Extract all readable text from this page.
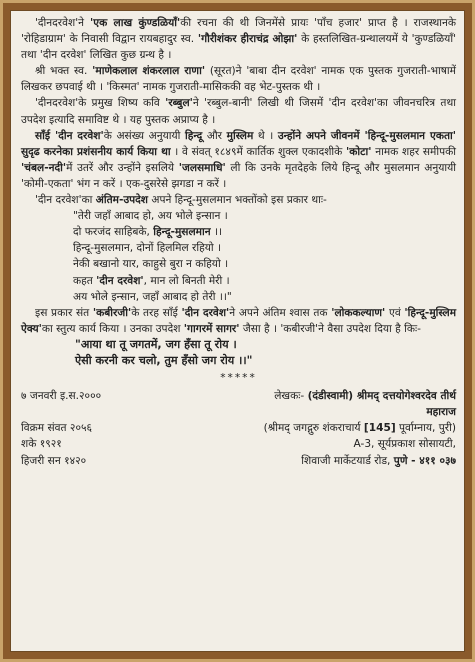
'दीनदरवेश'ने 'एक लाख कुंण्डळियॉं'की रचना की थी जिनमेंसे प्रायः 'पॉंच हजार' प्राप्त है । राजस्थानके 'रोहिडाग्राम' के निवासी विद्वान रायबहादुर स्व. 'गौरीशंकर हीराचंद्र ओझा' के हस्तलिखित-ग्रन्थालयमें ये 'कुण्डळियॉं' तथा 'दीन दरवेश' लिखित कुछ ग्रन्थ है ।

श्री भक्त स्व. 'माणेकलाल शंकरलाल राणा' (सूरत)ने 'बाबा दीन दरवेश' नामक एक पुस्तक गुजराती-भाषामें लिखकर छपवाई थी । 'किस्मत' नामक गुजराती-मासिककी वह भेट-पुस्तक थी ।

'दीनदरवेश'के प्रमुख शिष्य कवि 'रब्बुल'ने 'रब्बुल-बानी' लिखी थी जिसमें 'दीन दरवेश'का जीवनचरित्र तथा उपदेश इत्यादि समाविष्ट थे । यह पुस्तक अप्राप्य है ।

सॉंई 'दीन दरवेश'के असंख्य अनुयायी हिन्दू और मुस्लिम थे । उन्होंने अपने जीवनमें 'हिन्दू-मुसलमान एकता' सुदृढ करनेका प्रशंसनीय कार्य किया था । वे संवत् १८४९में कार्तिक शुक्ल एकादशीके 'कोटा' नामक शहर समीपकी 'चंबल-नदी'में उतरें और उन्होंने इसलिये 'जलसमाधि' ली कि उनके मृतदेहके लिये हिन्दू और मुसलमान अनुयायी 'कोमी-एकता' भंग न करें । एक-दुसरेसे झगडा न करें ।

'दीन दरवेश'का अंतिम-उपदेश अपने हिन्दू-मुसलमान भक्तोंको इस प्रकार थाः-

"तेरी जहॉं आबाद हो, अय भोले इन्सान ।

दो फरजंद साहिबके, हिन्दू-मुसलमान ।।

हिन्दू-मुसलमान, दोनों हिलमिल रहियो ।

नेकी बखानो यार, काहुसे बुरा न कहियो ।

कहत 'दीन दरवेश', मान लो बिनती मेरी ।

अय भोले इन्सान, जहॉं आबाद हो तेरी ।।"

इस प्रकार संत 'कबीरजी'के तरह सॉंई 'दीन दरवेश'ने अपने अंतिम श्वास तक 'लोककल्याण' एवं 'हिन्दू-मुस्लिम ऐक्य'का स्तुत्य कार्य किया । उनका उपदेश 'गागरमें सागर' जैसा है । 'कबीरजी'ने वैसा उपदेश दिया है किः-

"आया था तू जगतमें, जग हँसा तू रोय ।

ऐसी करनी कर चलो, तुम हँसो जग रोय ।।"

*****

७ जनवरी इ.स.२०००	लेखकः- (दंडीस्वामी) श्रीमद् दत्तयोगेश्वरदेव तीर्थ

महाराज

विक्रम संवत २०५६
शके १९२१
हिजरी सन १४२०
(श्रीमद् जगद्गुरु शंकराचार्य [145] पूर्वाम्नाय, पुरी)
A-3, सूर्यप्रकाश सोसायटी,
शिवाजी मार्केटयार्ड रोड, पुणे - ४११ ०३७
